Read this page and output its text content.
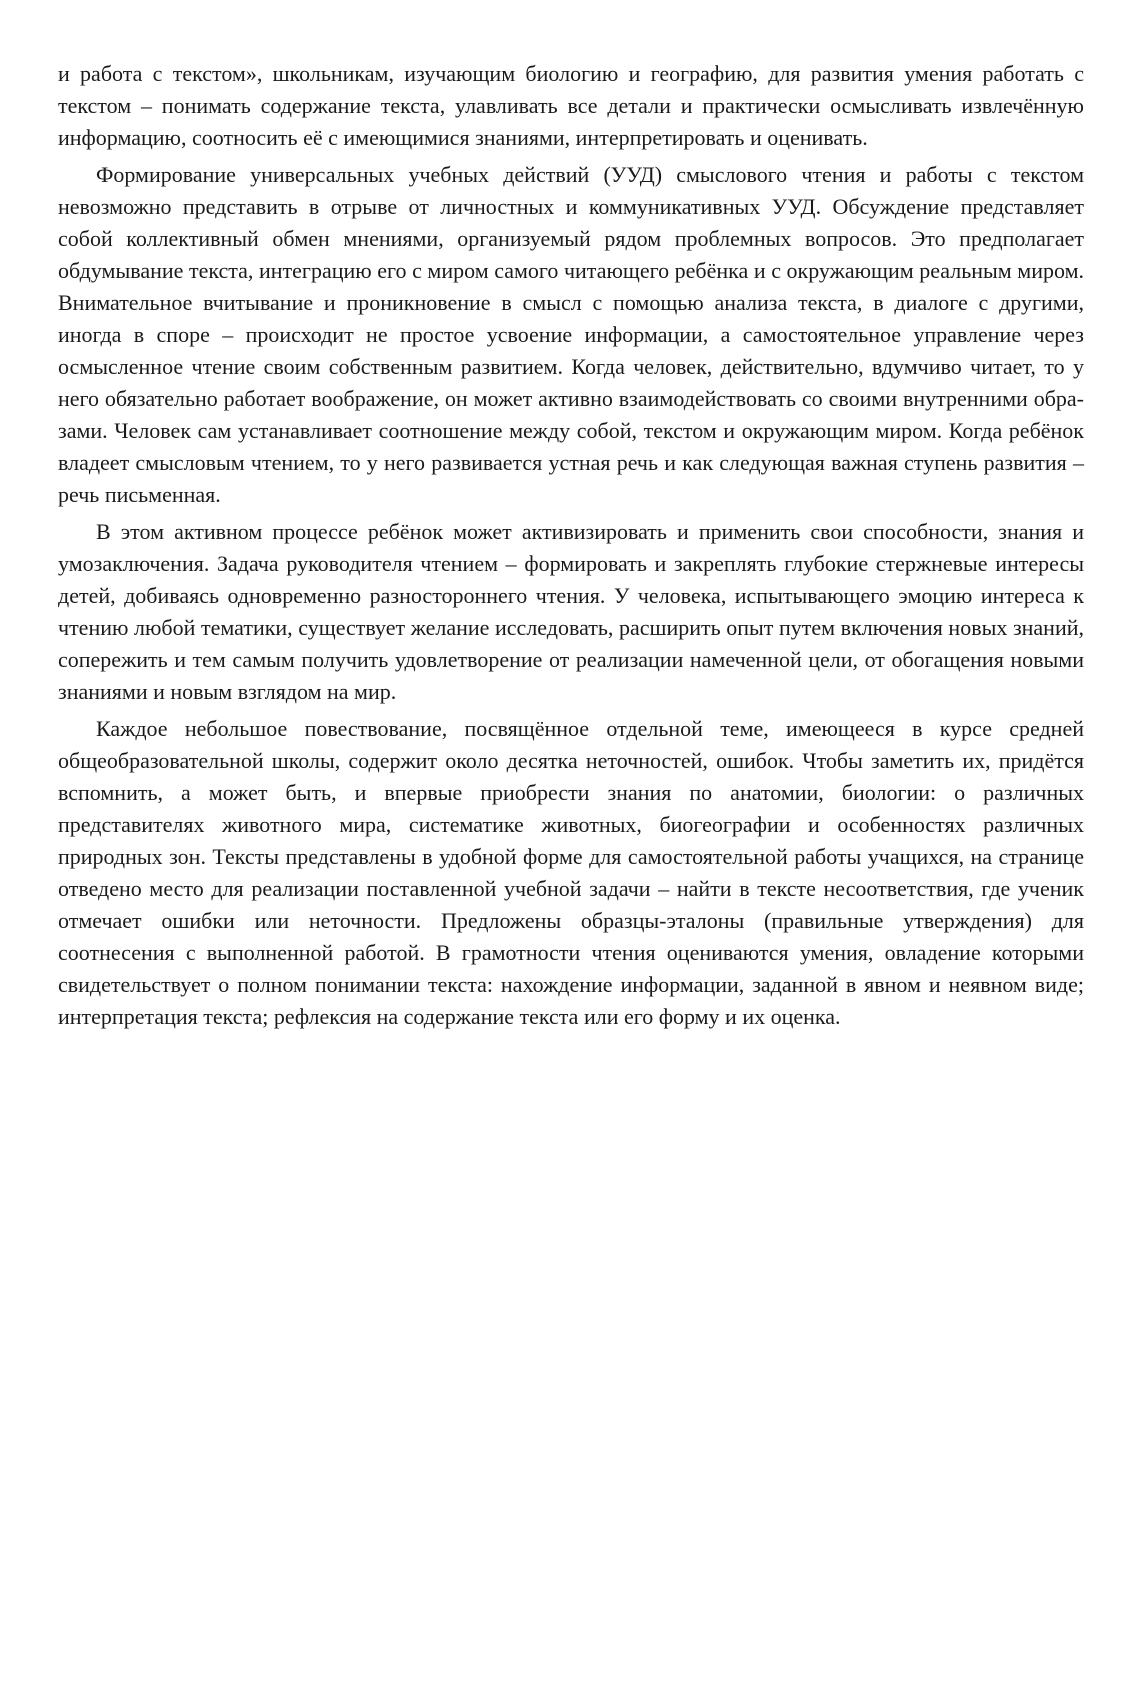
и работа с текстом», школьникам, изучающим биологию и географию, для развития умения работать с текстом – понимать содержание текста, улавливать все детали и практически осмысливать извлечённую информацию, соотносить её с имеющимися знаниями, интерпретировать и оценивать.

Формирование универсальных учебных действий (УУД) смыслового чтения и работы с текстом невозможно представить в отрыве от личностных и коммуникативных УУД. Обсуждение представляет собой коллективный обмен мнениями, организуемый рядом проблемных вопросов. Это предполагает обдумывание текста, интеграцию его с миром самого читающего ребёнка и с окружающим реальным миром. Внимательное вчитывание и проникновение в смысл с помощью анализа текста, в диалоге с другими, иногда в споре – происходит не простое усвоение информации, а самостоятельное управление через осмысленное чтение своим собственным развитием. Когда человек, действительно, вдумчиво читает, то у него обязательно работает воображение, он может активно взаимодействовать со своими внутренними образами. Человек сам устанавливает соотношение между собой, текстом и окружающим миром. Когда ребёнок владеет смысловым чтением, то у него развивается устная речь и как следующая важная ступень развития – речь письменная.

В этом активном процессе ребёнок может активизировать и применить свои способности, знания и умозаключения. Задача руководителя чтением – формировать и закреплять глубокие стержневые интересы детей, добиваясь одновременно разностороннего чтения. У человека, испытывающего эмоцию интереса к чтению любой тематики, существует желание исследовать, расширить опыт путем включения новых знаний, сопережить и тем самым получить удовлетворение от реализации намеченной цели, от обогащения новыми знаниями и новым взглядом на мир.

Каждое небольшое повествование, посвящённое отдельной теме, имеющееся в курсе средней общеобразовательной школы, содержит около десятка неточностей, ошибок. Чтобы заметить их, придётся вспомнить, а может быть, и впервые приобрести знания по анатомии, биологии: о различных представителях животного мира, систематике животных, биогеографии и особенностях различных природных зон. Тексты представлены в удобной форме для самостоятельной работы учащихся, на странице отведено место для реализации поставленной учебной задачи – найти в тексте несоответствия, где ученик отмечает ошибки или неточности. Предложены образцы-эталоны (правильные утверждения) для соотнесения с выполненной работой. В грамотности чтения оцениваются умения, овладение которыми свидетельствует о полном понимании текста: нахождение информации, заданной в явном и неявном виде; интерпретация текста; рефлексия на содержание текста или его форму и их оценка.
